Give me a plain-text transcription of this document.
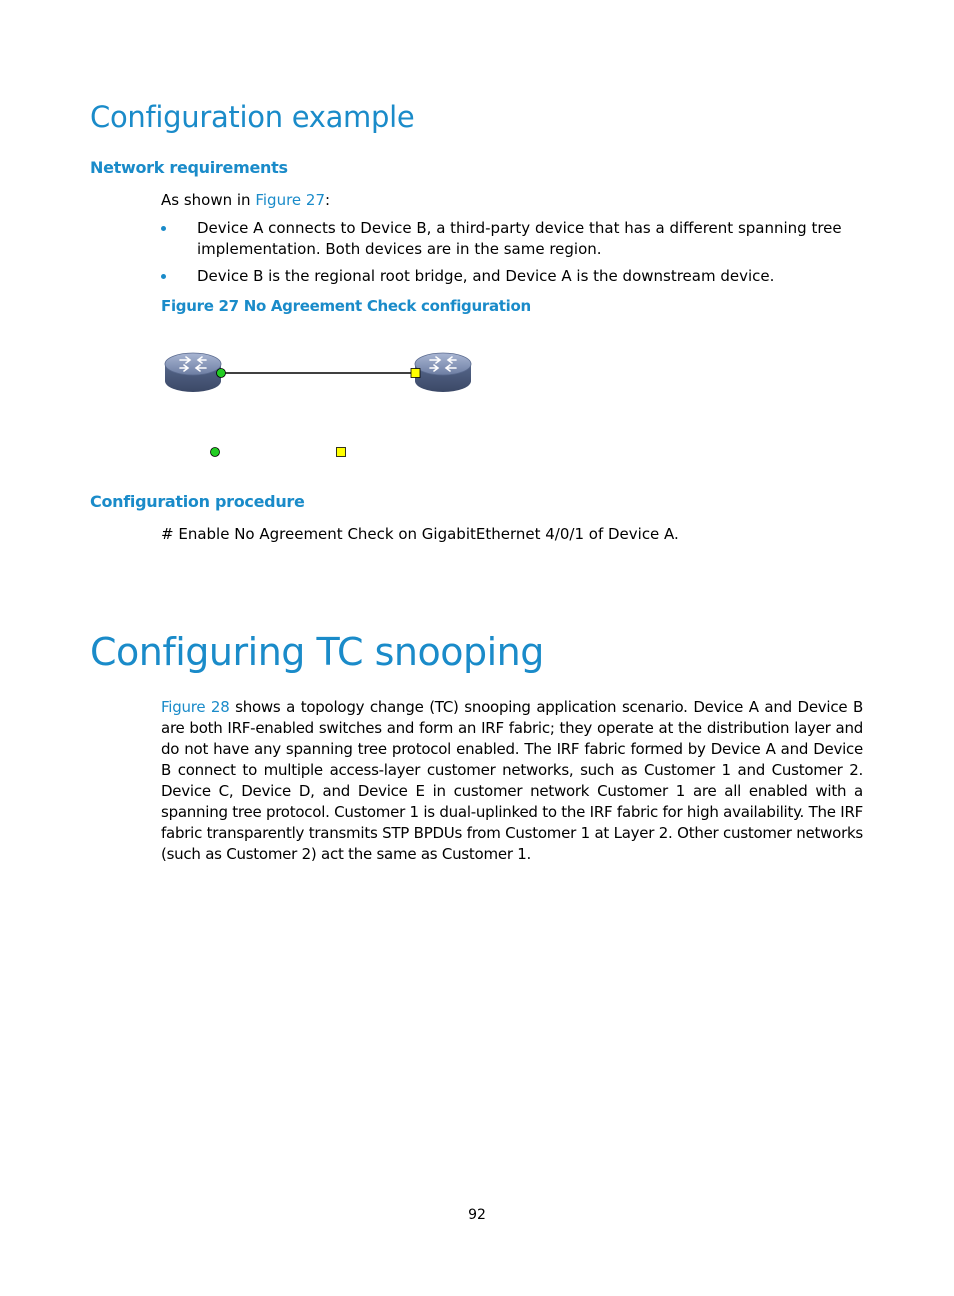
Configuration example
Network requirements
As shown in Figure 27:
Device A connects to Device B, a third-party device that has a different spanning tree
implementation. Both devices are in the same region.
Device B is the regional root bridge, and Device A is the downstream device.
Figure 27 No Agreement Check configuration
Configuration procedure
# Enable No Agreement Check on GigabitEthernet 4/0/1 of Device A.
Configuring TC snooping
Figure 28 shows a topology change (TC) snooping application scenario. Device A and Device B are both IRF-enabled switches and form an IRF fabric; they operate at the distribution layer and do not have any spanning tree protocol enabled. The IRF fabric formed by Device A and Device B connect to multiple access-layer customer networks, such as Customer 1 and Customer 2. Device C, Device D, and Device E in customer network Customer 1 are all enabled with a spanning tree protocol. Customer 1 is dual-uplinked to the IRF fabric for high availability. The IRF fabric transparently transmits STP BPDUs from Customer 1 at Layer 2. Other customer networks (such as Customer 2) act the same as Customer 1.
92
